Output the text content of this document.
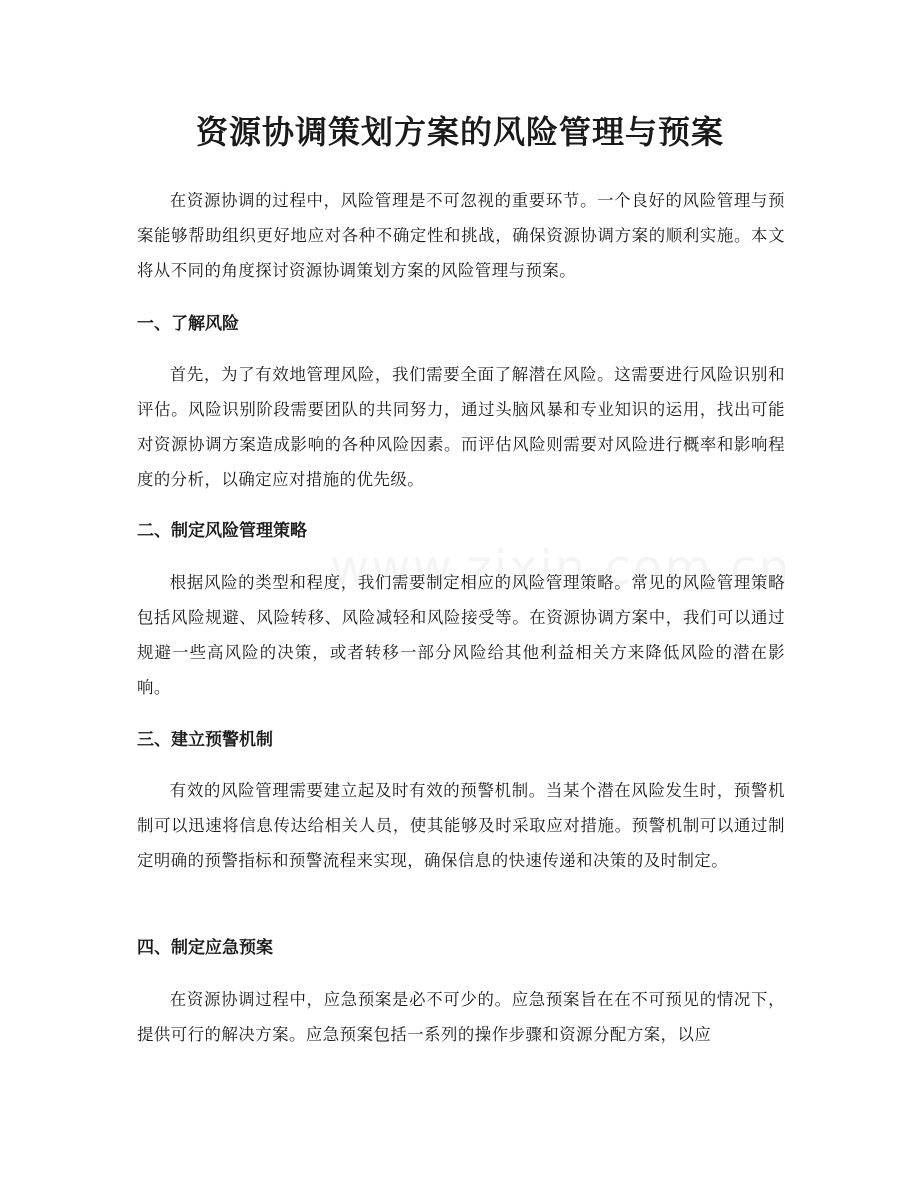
资源协调策划方案的风险管理与预案

在资源协调的过程中，风险管理是不可忽视的重要环节。一个良好的风险管理与预案能够帮助组织更好地应对各种不确定性和挑战，确保资源协调方案的顺利实施。本文将从不同的角度探讨资源协调策划方案的风险管理与预案。

一、了解风险

首先，为了有效地管理风险，我们需要全面了解潜在风险。这需要进行风险识别和评估。风险识别阶段需要团队的共同努力，通过头脑风暴和专业知识的运用，找出可能对资源协调方案造成影响的各种风险因素。而评估风险则需要对风险进行概率和影响程度的分析，以确定应对措施的优先级。

二、制定风险管理策略

根据风险的类型和程度，我们需要制定相应的风险管理策略。常见的风险管理策略包括风险规避、风险转移、风险减轻和风险接受等。在资源协调方案中，我们可以通过规避一些高风险的决策，或者转移一部分风险给其他利益相关方来降低风险的潜在影响。

三、建立预警机制

有效的风险管理需要建立起及时有效的预警机制。当某个潜在风险发生时，预警机制可以迅速将信息传达给相关人员，使其能够及时采取应对措施。预警机制可以通过制定明确的预警指标和预警流程来实现，确保信息的快速传递和决策的及时制定。

四、制定应急预案

在资源协调过程中，应急预案是必不可少的。应急预案旨在在不可预见的情况下，提供可行的解决方案。应急预案包括一系列的操作步骤和资源分配方案，以应
